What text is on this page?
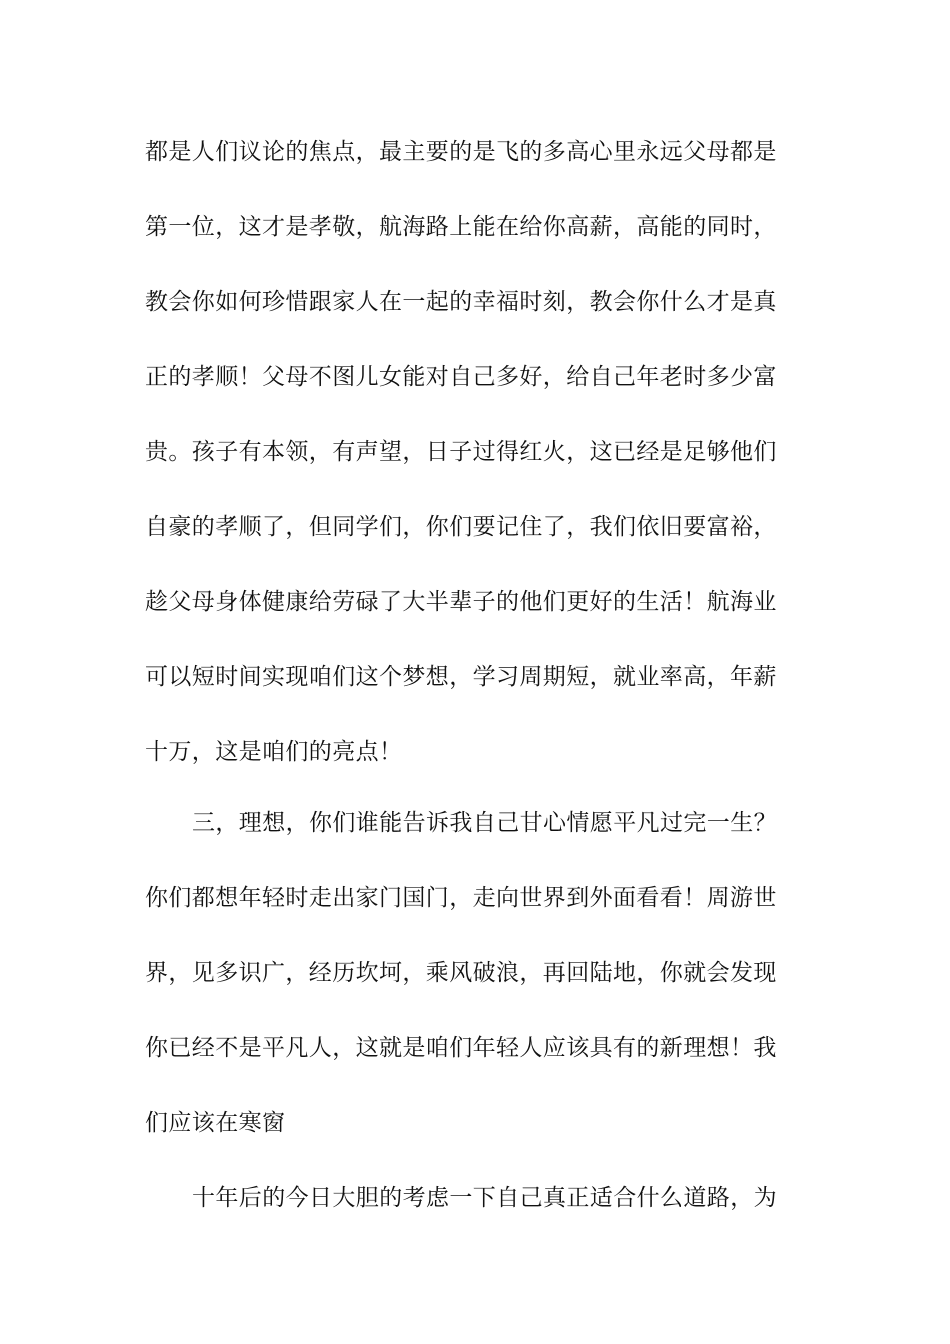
都是人们议论的焦点，最主要的是飞的多高心里永远父母都是
第一位，这才是孝敬，航海路上能在给你高薪，高能的同时，
教会你如何珍惜跟家人在一起的幸福时刻，教会你什么才是真
正的孝顺！父母不图儿女能对自己多好，给自己年老时多少富
贵。孩子有本领，有声望，日子过得红火，这已经是足够他们
自豪的孝顺了，但同学们，你们要记住了，我们依旧要富裕，
趁父母身体健康给劳碌了大半辈子的他们更好的生活！航海业
可以短时间实现咱们这个梦想，学习周期短，就业率高，年薪
十万，这是咱们的亮点！
三，理想，你们谁能告诉我自己甘心情愿平凡过完一生？
你们都想年轻时走出家门国门，走向世界到外面看看！周游世
界，见多识广，经历坎坷，乘风破浪，再回陆地，你就会发现
你已经不是平凡人，这就是咱们年轻人应该具有的新理想！我
们应该在寒窗
十年后的今日大胆的考虑一下自己真正适合什么道路，为
